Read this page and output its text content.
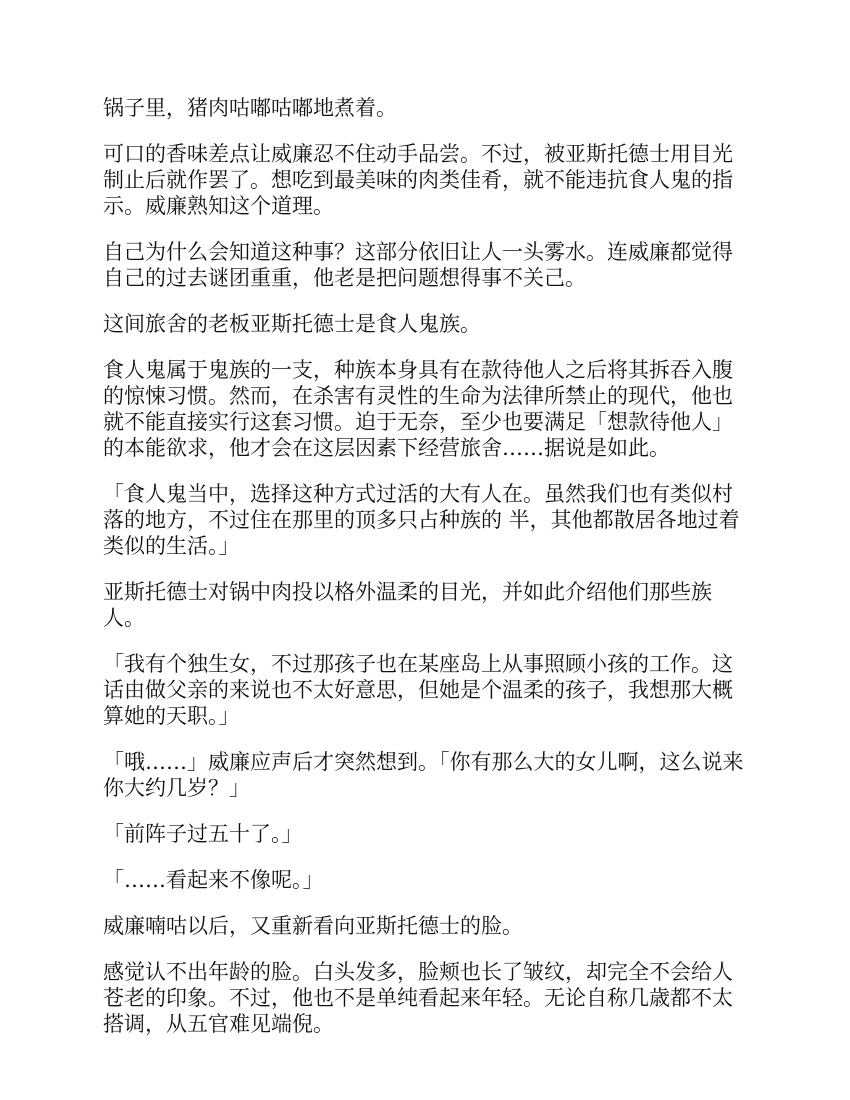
锅子里，猪肉咕嘟咕嘟地煮着。

可口的香味差点让威廉忍不住动手品尝。不过，被亚斯托德士用目光制止后就作罢了。想吃到最美味的肉类佳肴，就不能违抗食人鬼的指示。威廉熟知这个道理。

自己为什么会知道这种事？这部分依旧让人一头雾水。连威廉都觉得自己的过去谜团重重，他老是把问题想得事不关己。

这间旅舍的老板亚斯托德士是食人鬼族。

食人鬼属于鬼族的一支，种族本身具有在款待他人之后将其拆吞入腹的惊悚习惯。然而，在杀害有灵性的生命为法律所禁止的现代，他也就不能直接实行这套习惯。迫于无奈，至少也要满足「想款待他人」的本能欲求，他才会在这层因素下经营旅舍……据说是如此。

「食人鬼当中，选择这种方式过活的大有人在。虽然我们也有类似村落的地方，不过住在那里的顶多只占种族的 半，其他都散居各地过着类似的生活。」

亚斯托德士对锅中肉投以格外温柔的目光，并如此介绍他们那些族人。

「我有个独生女，不过那孩子也在某座岛上从事照顾小孩的工作。这话由做父亲的来说也不太好意思，但她是个温柔的孩子，我想那大概算她的天职。」

「哦……」威廉应声后才突然想到。「你有那么大的女儿啊，这么说来你大约几岁？」

「前阵子过五十了。」

「……看起来不像呢。」

威廉喃咕以后，又重新看向亚斯托德士的脸。

感觉认不出年龄的脸。白头发多，脸颊也长了皱纹，却完全不会给人苍老的印象。不过，他也不是单纯看起来年轻。无论自称几歳都不太搭调，从五官难见端倪。
